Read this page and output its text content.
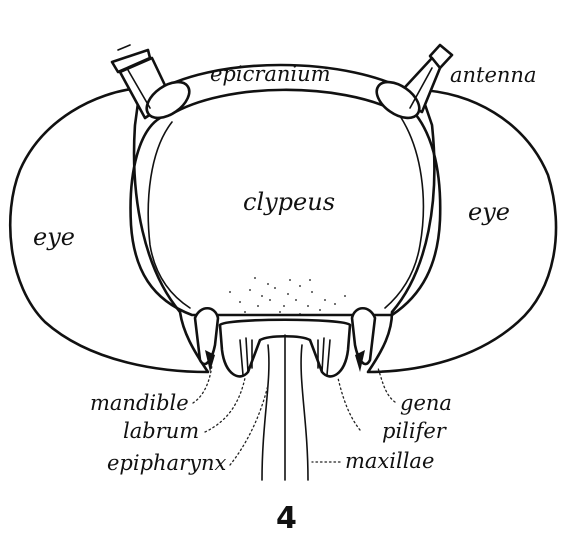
epicranium	antenna
clypeus
eye
eye
mandible
labrum
epipharynx
gena
pilifer
maxillae
4
